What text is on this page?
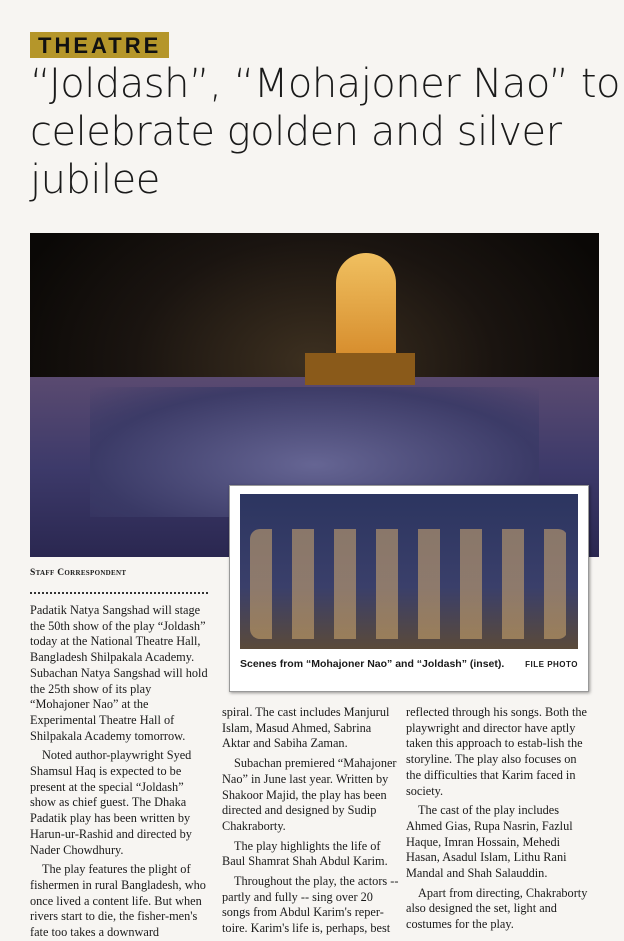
THEATRE
“Joldash”, “Mohajoner Nao” to celebrate golden and silver jubilee
Scenes from “Mohajoner Nao” and “Joldash” (inset).	FILE PHOTO
Staff Correspondent

Padatik Natya Sangshad will stage the 50th show of the play “Joldash” today at the National Theatre Hall, Bangladesh Shilpakala Academy. Subachan Natya Sangshad will hold the 25th show of its play “Mohajoner Nao” at the Experimental Theatre Hall of Shilpakala Academy tomorrow.

Noted author-playwright Syed Shamsul Haq is expected to be present at the special “Joldash” show as chief guest. The Dhaka Padatik play has been written by Harun-ur-Rashid and directed by Nader Chowdhury.

The play features the plight of fishermen in rural Bangladesh, who once lived a content life. But when rivers start to die, the fisher-men's fate too takes a downward

spiral. The cast includes Manjurul Islam, Masud Ahmed, Sabrina Aktar and Sabiha Zaman.

Subachan premiered “Mahajoner Nao” in June last year. Written by Shakoor Majid, the play has been directed and designed by Sudip Chakraborty.

The play highlights the life of Baul Shamrat Shah Abdul Karim.

Throughout the play, the actors -- partly and fully -- sing over 20 songs from Abdul Karim's reper-toire. Karim's life is, perhaps, best

reflected through his songs. Both the playwright and director have aptly taken this approach to estab-lish the storyline. The play also focuses on the difficulties that Karim faced in society.

The cast of the play includes Ahmed Gias, Rupa Nasrin, Fazlul Haque, Imran Hossain, Mehedi Hasan, Asadul Islam, Lithu Rani Mandal and Shah Salauddin.

Apart from directing, Chakraborty also designed the set, light and costumes for the play.
